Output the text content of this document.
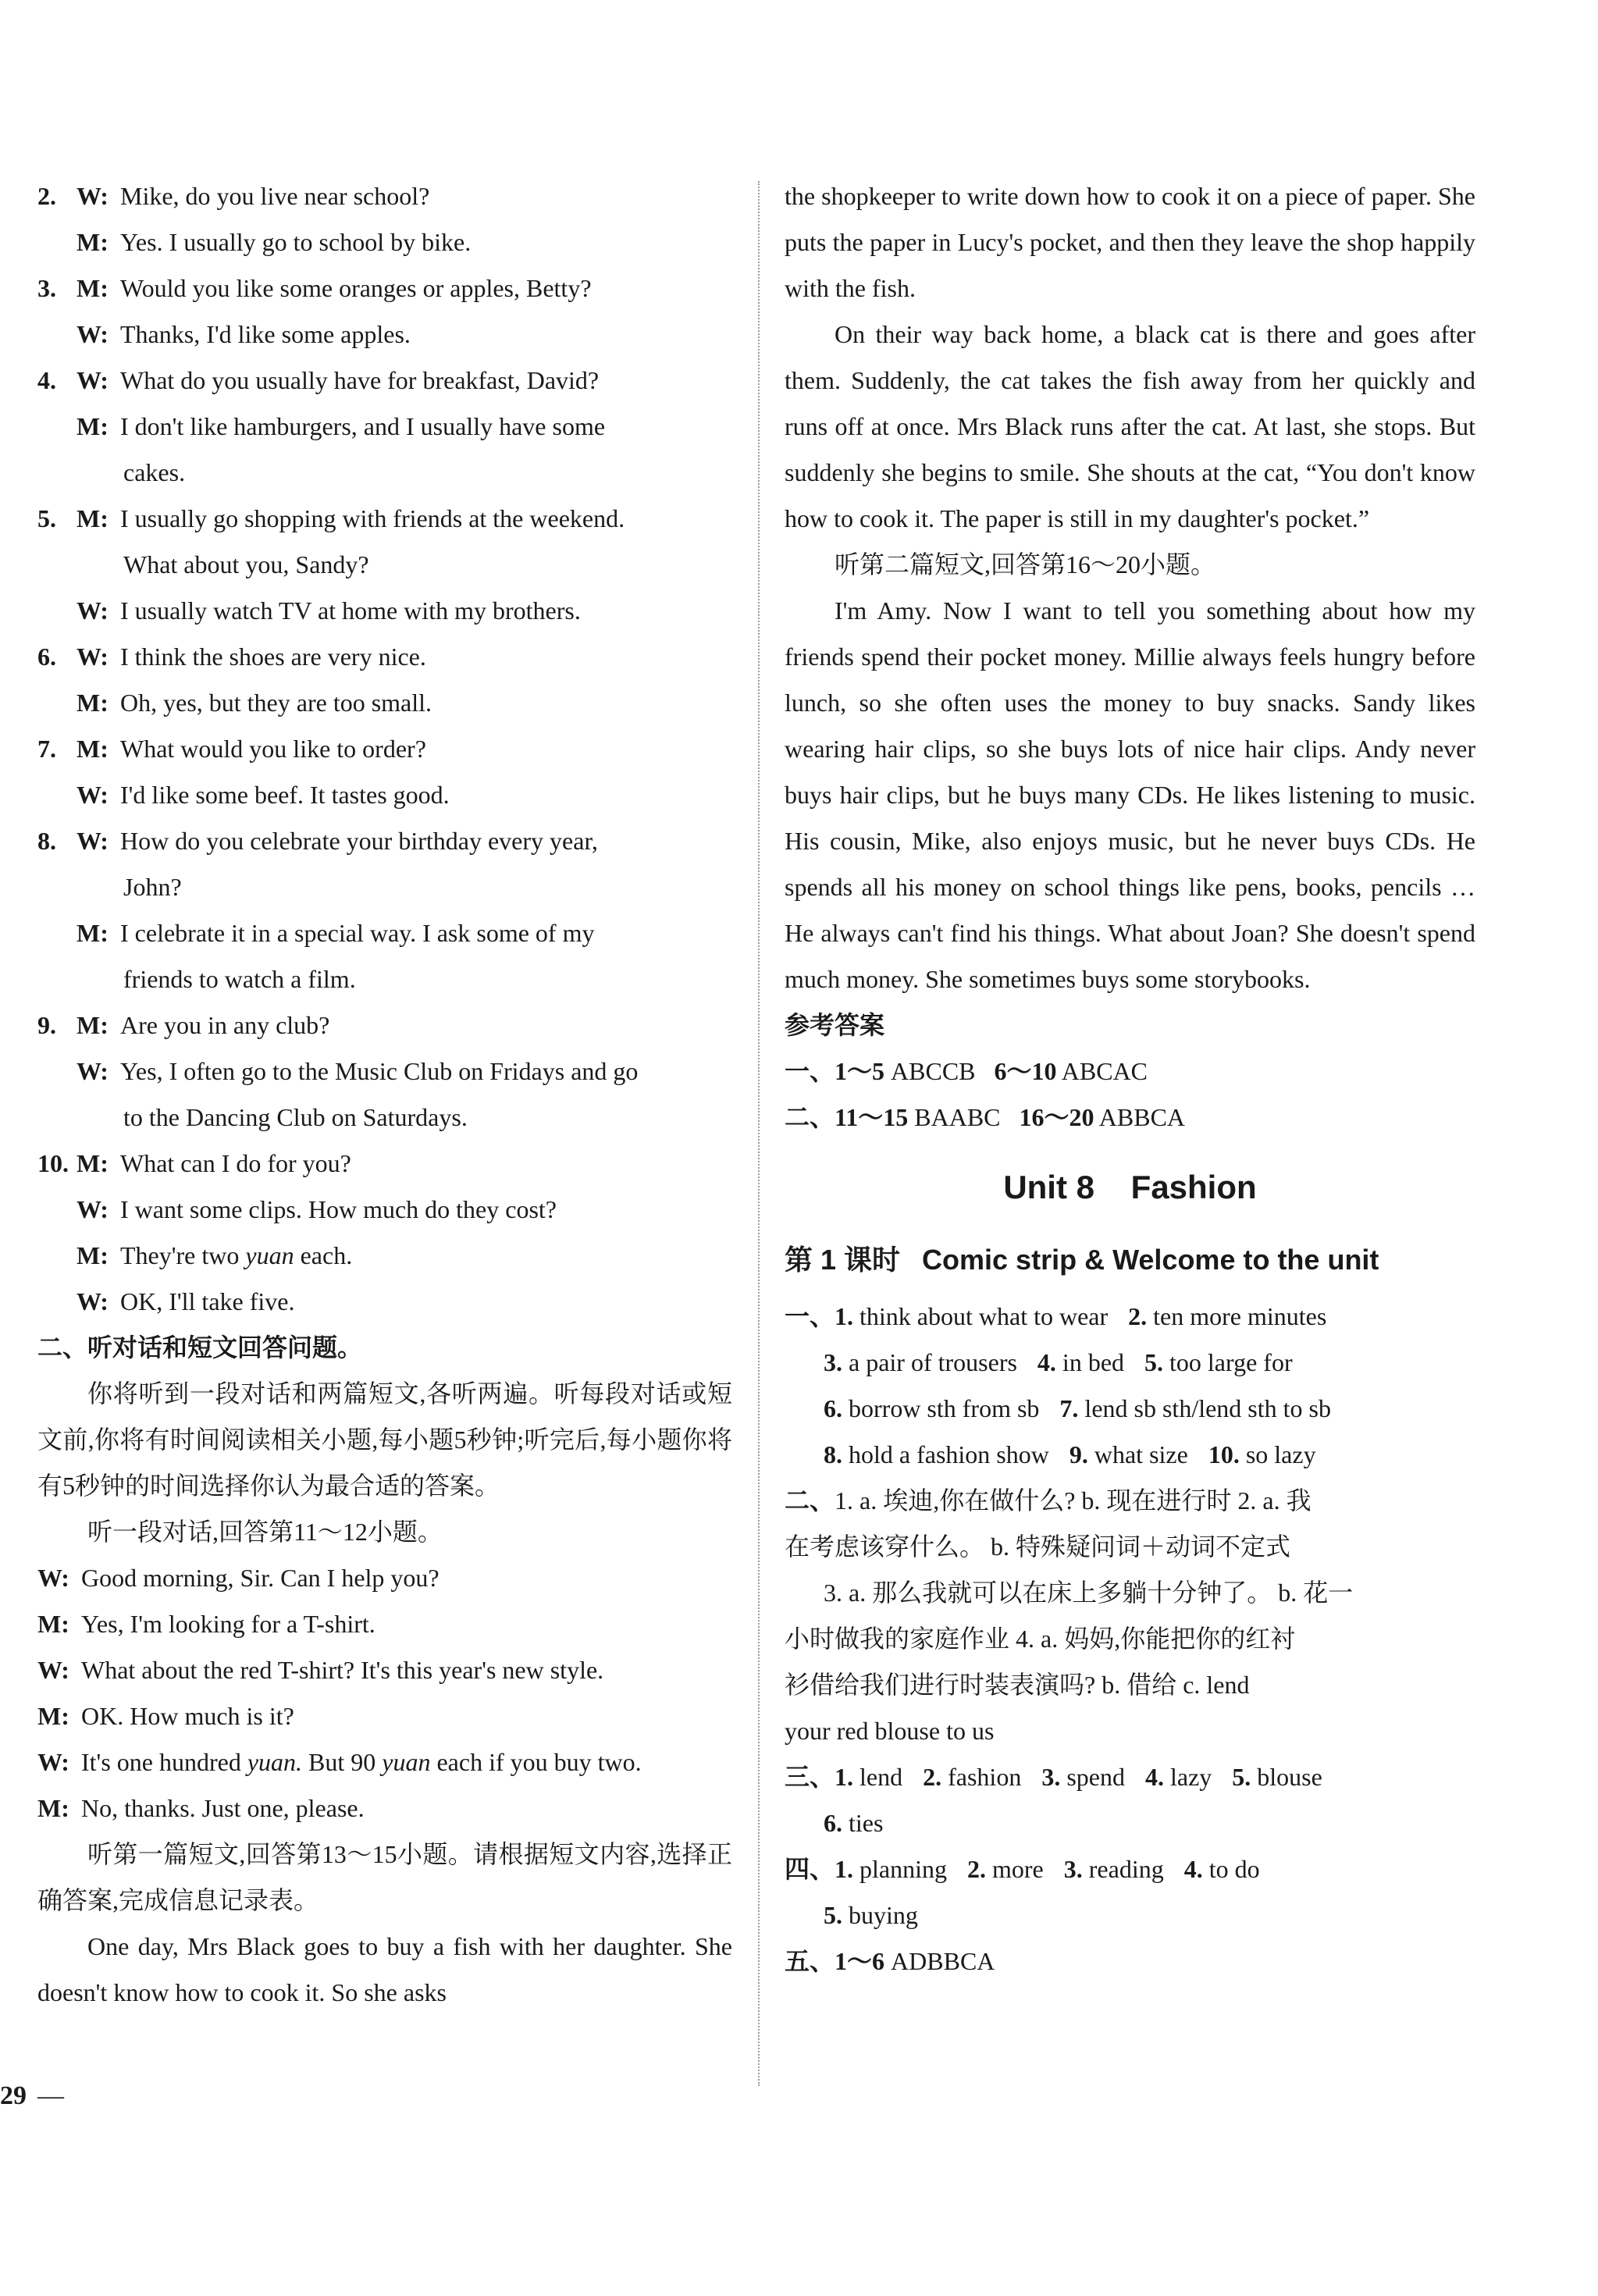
2. W: Mike, do you live near school?
M: Yes. I usually go to school by bike.
3. M: Would you like some oranges or apples, Betty?
W: Thanks, I'd like some apples.
4. W: What do you usually have for breakfast, David?
M: I don't like hamburgers, and I usually have some
cakes.
5. M: I usually go shopping with friends at the weekend.
What about you, Sandy?
W: I usually watch TV at home with my brothers.
6. W: I think the shoes are very nice.
M: Oh, yes, but they are too small.
7. M: What would you like to order?
W: I'd like some beef. It tastes good.
8. W: How do you celebrate your birthday every year,
John?
M: I celebrate it in a special way. I ask some of my
friends to watch a film.
9. M: Are you in any club?
W: Yes, I often go to the Music Club on Fridays and go
to the Dancing Club on Saturdays.
10. M: What can I do for you?
W: I want some clips. How much do they cost?
M: They're two yuan each.
W: OK, I'll take five.
二、听对话和短文回答问题。
你将听到一段对话和两篇短文,各听两遍。听每段对话或短文前,你将有时间阅读相关小题,每小题5秒钟;听完后,每小题你将有5秒钟的时间选择你认为最合适的答案。
听一段对话,回答第11～12小题。
W: Good morning, Sir. Can I help you?
M: Yes, I'm looking for a T-shirt.
W: What about the red T-shirt? It's this year's new style.
M: OK. How much is it?
W: It's one hundred yuan. But 90 yuan each if you buy two.
M: No, thanks. Just one, please.
听第一篇短文,回答第13～15小题。请根据短文内容,选择正确答案,完成信息记录表。
One day, Mrs Black goes to buy a fish with her daughter. She doesn't know how to cook it. So she asks
the shopkeeper to write down how to cook it on a piece of paper. She puts the paper in Lucy's pocket, and then they leave the shop happily with the fish.
On their way back home, a black cat is there and goes after them. Suddenly, the cat takes the fish away from her quickly and runs off at once. Mrs Black runs after the cat. At last, she stops. But suddenly she begins to smile. She shouts at the cat, “You don't know how to cook it. The paper is still in my daughter's pocket.”
听第二篇短文,回答第16～20小题。
I'm Amy. Now I want to tell you something about how my friends spend their pocket money. Millie always feels hungry before lunch, so she often uses the money to buy snacks. Sandy likes wearing hair clips, so she buys lots of nice hair clips. Andy never buys hair clips, but he buys many CDs. He likes listening to music. His cousin, Mike, also enjoys music, but he never buys CDs. He spends all his money on school things like pens, books, pencils … He always can't find his things. What about Joan? She doesn't spend much money. She sometimes buys some storybooks.
参考答案
一、1～5 ABCCB 6～10 ABCAC
二、11～15 BAABC 16～20 ABBCA
Unit 8    Fashion
第 1 课时 Comic strip & Welcome to the unit
一、1. think about what to wear 2. ten more minutes
3. a pair of trousers 4. in bed 5. too large for
6. borrow sth from sb 7. lend sb sth/lend sth to sb
8. hold a fashion show 9. what size 10. so lazy
二、1. a. 埃迪,你在做什么? b. 现在进行时 2. a. 我
在考虑该穿什么。 b. 特殊疑问词＋动词不定式
3. a. 那么我就可以在床上多躺十分钟了。 b. 花一
小时做我的家庭作业 4. a. 妈妈,你能把你的红衬
衫借给我们进行时装表演吗? b. 借给 c. lend
your red blouse to us
三、1. lend 2. fashion 3. spend 4. lazy 5. blouse
6. ties
四、1. planning 2. more 3. reading 4. to do
5. buying
五、1～6 ADBBCA
29 —
